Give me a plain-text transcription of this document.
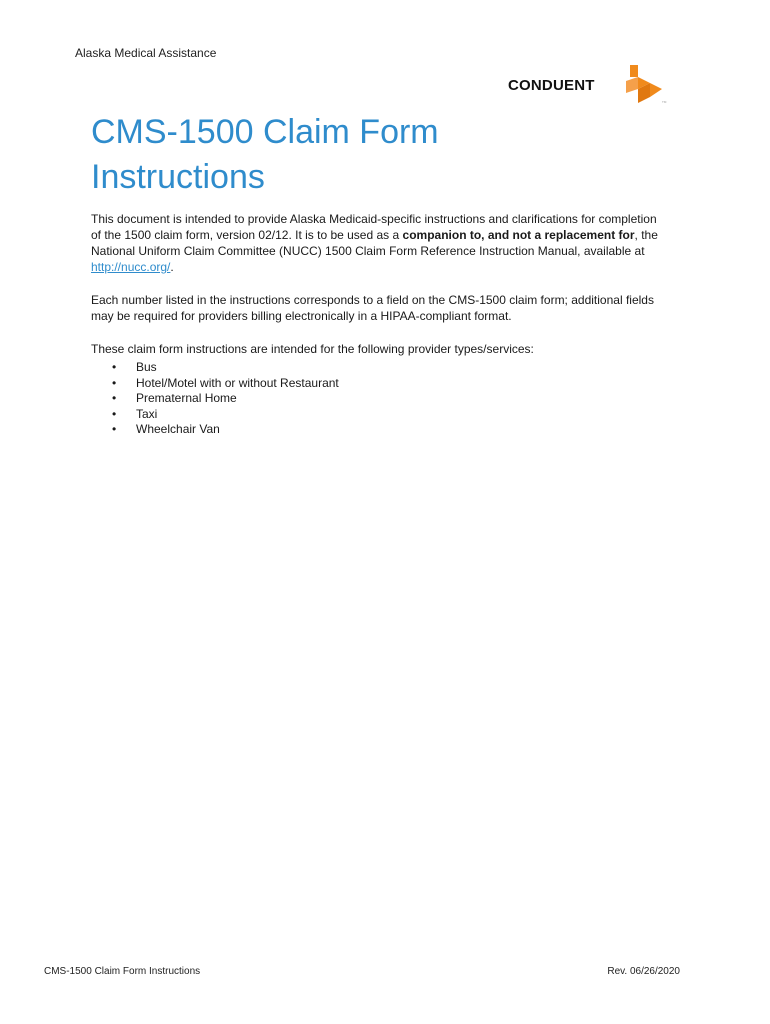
Alaska Medical Assistance
CONDUENT
TM
CMS-1500 Claim Form
Instructions

This document is intended to provide Alaska Medicaid-specific instructions and clarifications for completion of the 1500 claim form, version 02/12. It is to be used as a companion to, and not a replacement for, the National Uniform Claim Committee (NUCC) 1500 Claim Form Reference Instruction Manual, available at http://nucc.org/.

Each number listed in the instructions corresponds to a field on the CMS-1500 claim form; additional fields may be required for providers billing electronically in a HIPAA-compliant format.

These claim form instructions are intended for the following provider types/services:

• Bus
• Hotel/Motel with or without Restaurant
• Prematernal Home
• Taxi
• Wheelchair Van
CMS-1500 Claim Form Instructions	Rev. 06/26/2020
